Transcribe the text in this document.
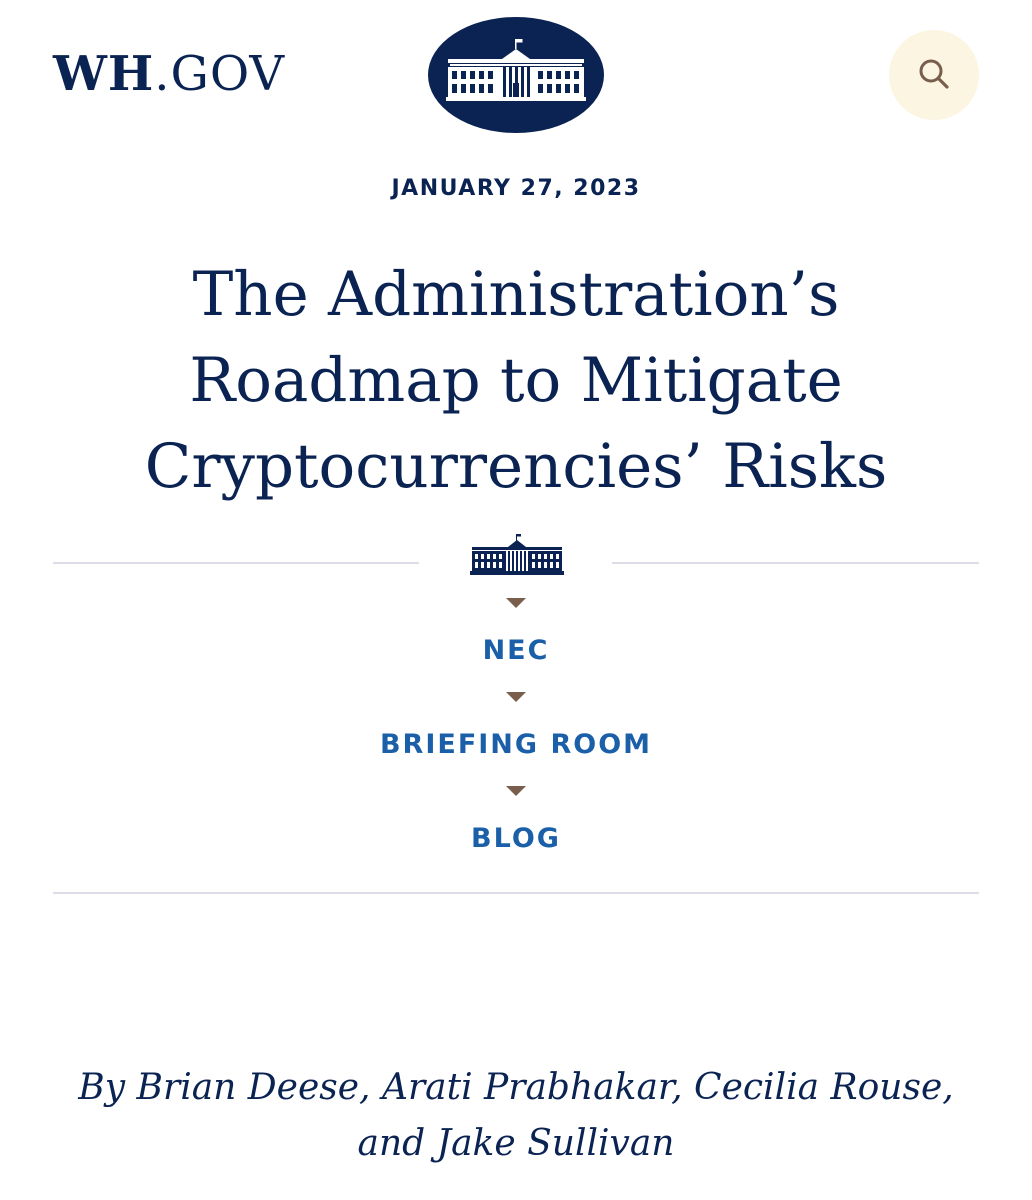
WH.GOV
JANUARY 27, 2023
The Administration’s Roadmap to Mitigate Cryptocurrencies’ Risks
NEC
BRIEFING ROOM
BLOG
By Brian Deese, Arati Prabhakar, Cecilia Rouse,
and Jake Sullivan
